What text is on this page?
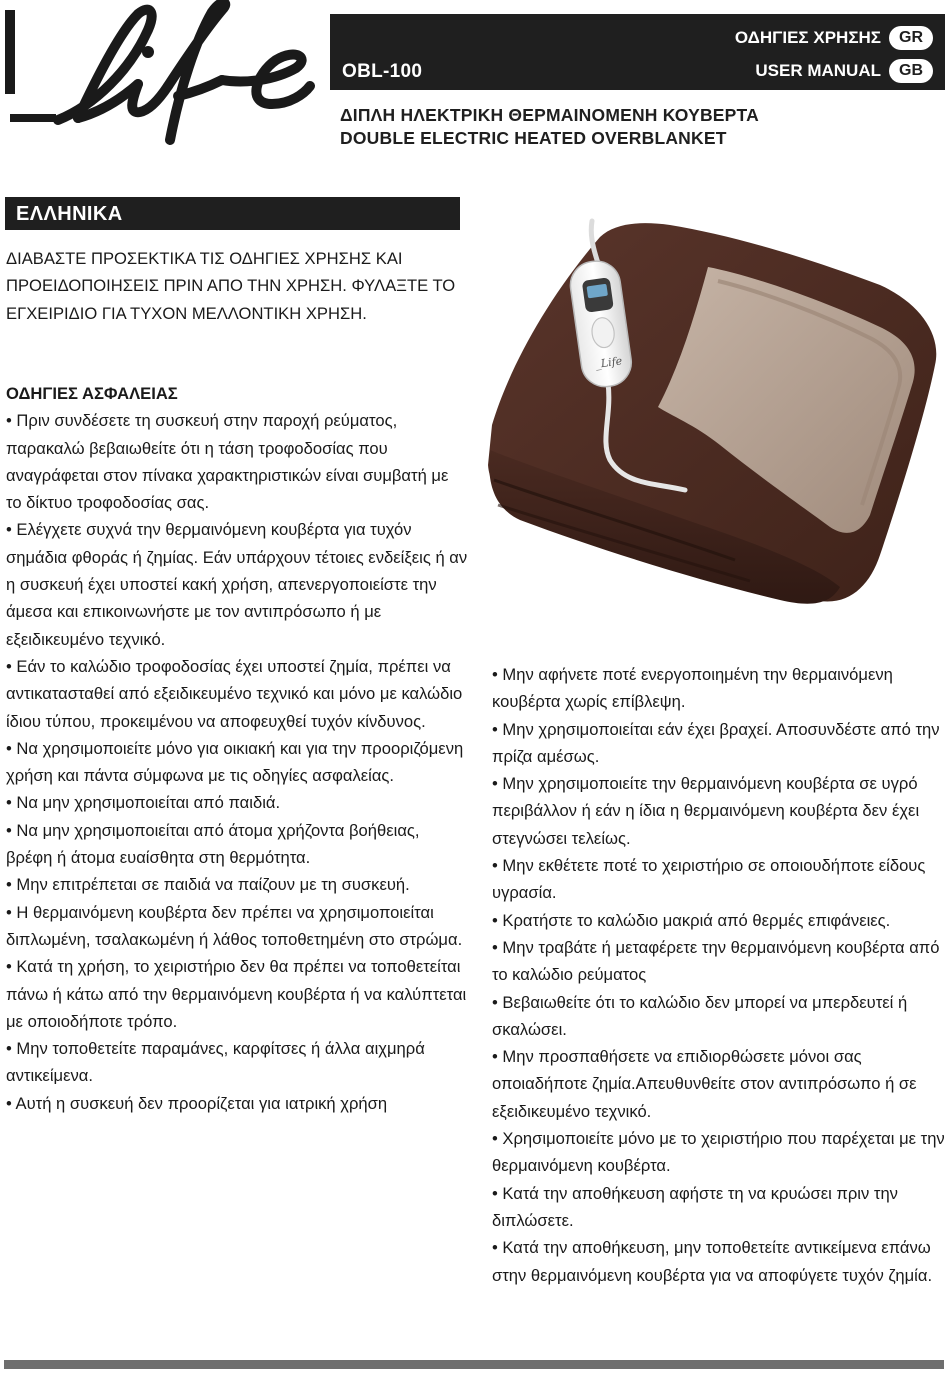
OBL-100
ΟΔΗΓΙΕΣ ΧΡΗΣΗΣ	GR
USER MANUAL	GB
ΔΙΠΛΗ ΗΛΕΚΤΡΙΚΗ ΘΕΡΜΑΙΝΟΜΕΝΗ ΚΟΥΒΕΡΤΑ
DOUBLE ELECTRIC HEATED OVERBLANKET
ΕΛΛΗΝΙΚΑ
ΔΙΑΒΑΣΤΕ ΠΡΟΣΕΚΤΙΚΑ ΤΙΣ ΟΔΗΓΙΕΣ ΧΡΗΣΗΣ ΚΑΙ ΠΡΟΕΙΔΟΠΟΙΗΣΕΙΣ ΠΡΙΝ ΑΠΟ ΤΗΝ ΧΡΗΣΗ. ΦΥΛΑΞΤΕ ΤΟ ΕΓΧΕΙΡΙΔΙΟ ΓΙΑ ΤΥΧΟΝ ΜΕΛΛΟΝΤΙΚΗ ΧΡΗΣΗ.
_Life
ΟΔΗΓΙΕΣ ΑΣΦΑΛΕΙΑΣ

• Πριν συνδέσετε τη συσκευή στην παροχή ρεύματος, παρακαλώ βεβαιωθείτε ότι η τάση τροφοδοσίας που αναγράφεται στον πίνακα χαρακτηριστικών είναι συμβατή με το δίκτυο τροφοδοσίας σας.

• Ελέγχετε συχνά την θερμαινόμενη κουβέρτα για τυχόν σημάδια φθοράς ή ζημίας. Εάν υπάρχουν τέτοιες ενδείξεις ή αν η συσκευή έχει υποστεί κακή χρήση, απενεργοποιείστε την άμεσα και επικοινωνήστε με τον αντιπρόσωπο ή με εξειδικευμένο τεχνικό.

• Εάν το καλώδιο τροφοδοσίας έχει υποστεί ζημία, πρέπει να αντικατασταθεί από εξειδικευμένο τεχνικό και μόνο με καλώδιο ίδιου τύπου, προκειμένου να αποφευχθεί τυχόν κίνδυνος.

• Να χρησιμοποιείτε μόνο για οικιακή και για την προοριζόμενη χρήση και πάντα σύμφωνα με τις οδηγίες ασφαλείας.

• Να μην χρησιμοποιείται από παιδιά.

• Να μην χρησιμοποιείται από άτομα χρήζοντα βοήθειας, βρέφη ή άτομα ευαίσθητα στη θερμότητα.

• Μην επιτρέπεται σε παιδιά να παίζουν με τη συσκευή.

• Η θερμαινόμενη κουβέρτα δεν πρέπει να χρησιμοποιείται διπλωμένη, τσαλακωμένη ή λάθος τοποθετημένη στο στρώμα.

• Κατά τη χρήση, το χειριστήριο δεν θα πρέπει να τοποθετείται πάνω ή κάτω από την θερμαινόμενη κουβέρτα ή να καλύπτεται με οποιοδήποτε τρόπο.

• Μην τοποθετείτε παραμάνες, καρφίτσες ή άλλα αιχμηρά αντικείμενα.

• Αυτή η συσκευή δεν προορίζεται για ιατρική χρήση

• Μην αφήνετε ποτέ ενεργοποιημένη την θερμαινόμενη κουβέρτα χωρίς επίβλεψη.

• Μην χρησιμοποιείται εάν έχει βραχεί. Αποσυνδέστε από την πρίζα αμέσως.

• Μην χρησιμοποιείτε την θερμαινόμενη κουβέρτα σε υγρό περιβάλλον ή εάν η ίδια η θερμαινόμενη κουβέρτα δεν έχει στεγνώσει τελείως.

• Μην εκθέτετε ποτέ το χειριστήριο σε οποιουδήποτε είδους υγρασία.

• Κρατήστε το καλώδιο μακριά από θερμές επιφάνειες.

• Μην τραβάτε ή μεταφέρετε την θερμαινόμενη κουβέρτα από το καλώδιο ρεύματος

• Βεβαιωθείτε ότι το καλώδιο δεν μπορεί να μπερδευτεί ή σκαλώσει.

• Μην προσπαθήσετε να επιδιορθώσετε μόνοι σας οποιαδήποτε ζημία.Απευθυνθείτε στον αντιπρόσωπο ή σε εξειδικευμένο τεχνικό.

• Χρησιμοποιείτε μόνο με το χειριστήριο που παρέχεται με την θερμαινόμενη κουβέρτα.

• Κατά την αποθήκευση αφήστε τη να κρυώσει πριν την διπλώσετε.

• Κατά την αποθήκευση, μην τοποθετείτε αντικείμενα επάνω στην θερμαινόμενη κουβέρτα για να αποφύγετε τυχόν ζημία.
